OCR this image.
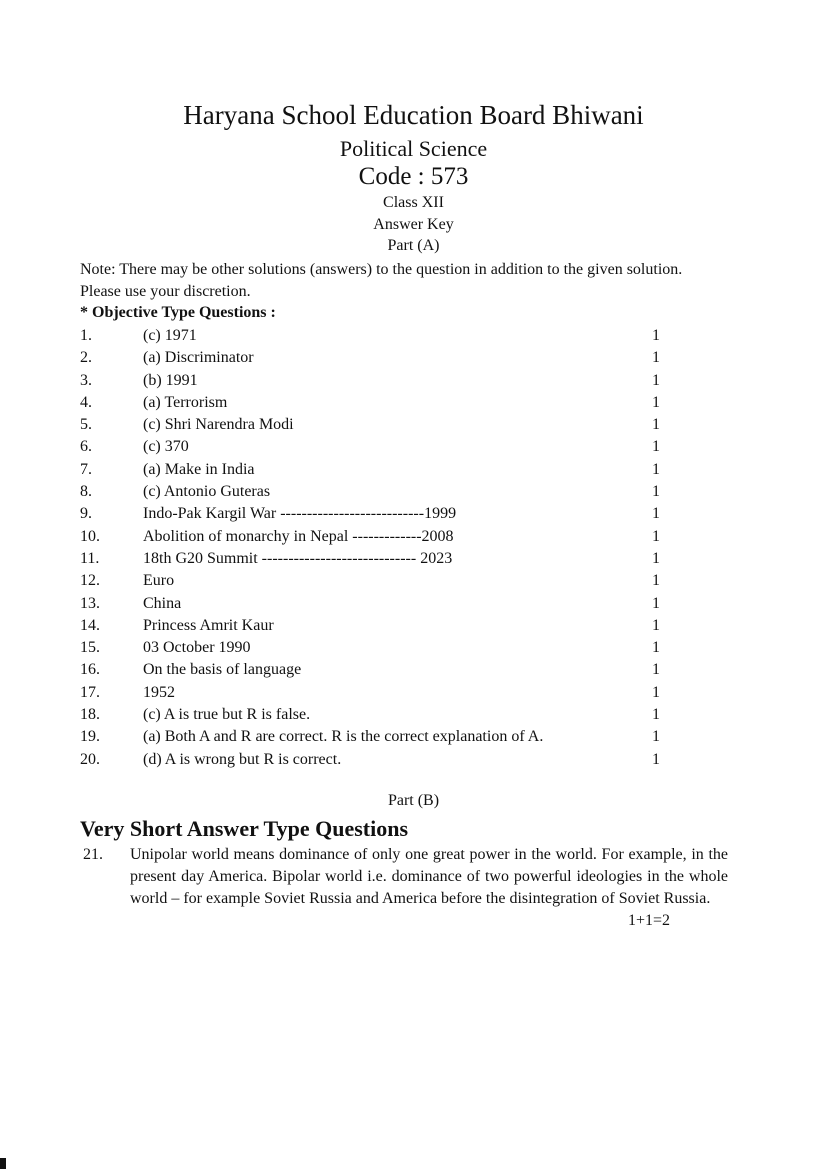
Haryana School Education Board Bhiwani
Political Science
Code : 573
Class XII
Answer Key
Part (A)
Note: There may be other solutions (answers) to the question in addition to the given solution. Please use your discretion.
* Objective Type Questions :
1.	(c) 1971	1
2.	(a) Discriminator	1
3.	(b) 1991	1
4.	(a) Terrorism	1
5.	(c) Shri Narendra Modi	1
6.	(c) 370	1
7.	(a) Make in India	1
8.	(c) Antonio Guteras	1
9.	Indo-Pak Kargil War ---------------------------1999	1
10.	Abolition of monarchy in Nepal -------------2008	1
11.	18th G20 Summit ----------------------------- 2023	1
12.	Euro	1
13.	China	1
14.	Princess Amrit Kaur	1
15.	03 October 1990	1
16.	On the basis of language	1
17.	1952	1
18.	(c) A is true but R is false.	1
19.	(a) Both A and R are correct. R is the correct explanation of A.	1
20.	(d) A is wrong but R is correct.	1
Part (B)
Very Short Answer Type Questions
21. Unipolar world means dominance of only one great power in the world. For example, in the present day America. Bipolar world i.e. dominance of two powerful ideologies in the whole world – for example Soviet Russia and America before the disintegration of Soviet Russia.
1+1=2
